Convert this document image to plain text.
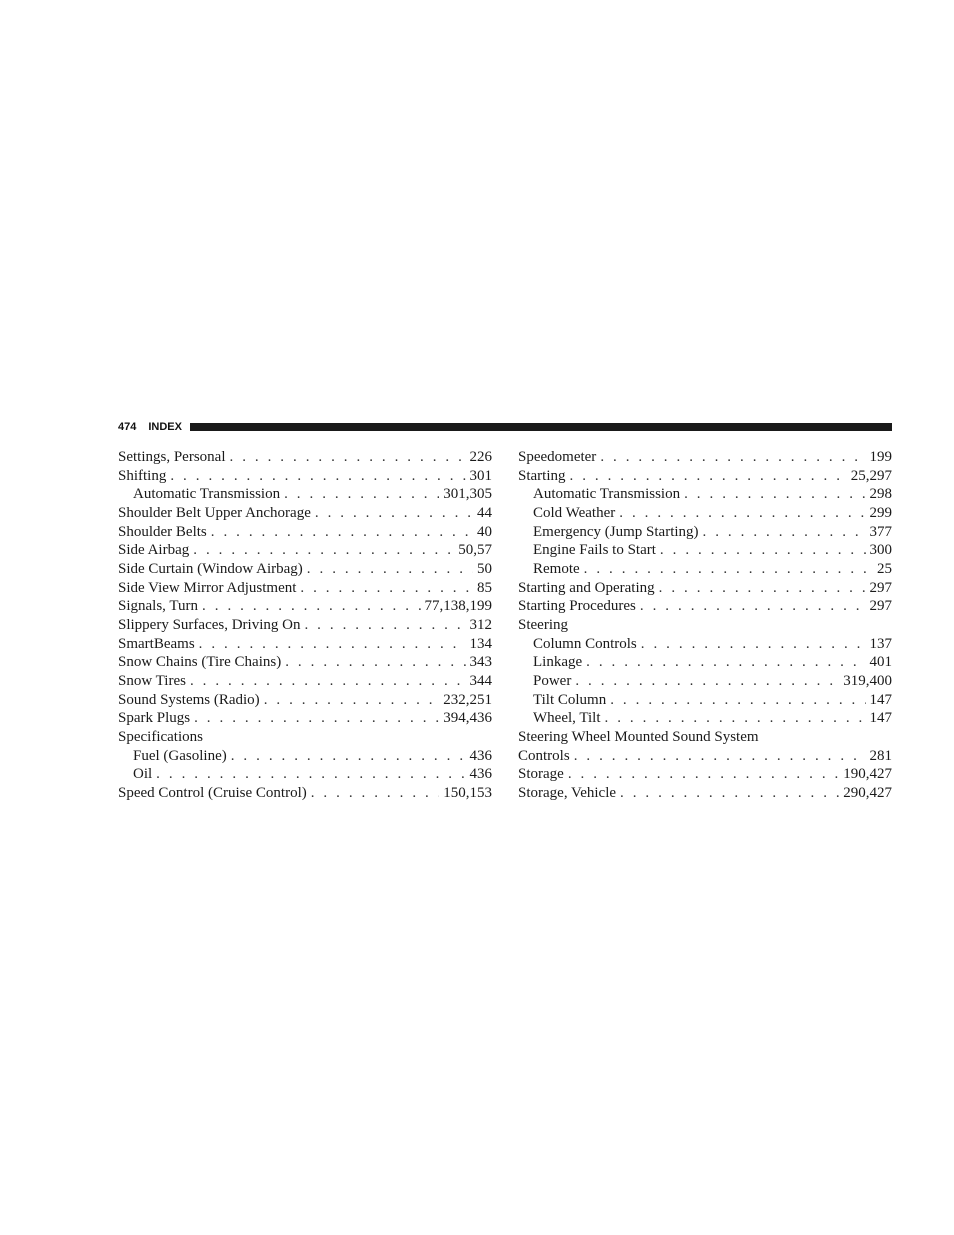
474 INDEX
Settings, Personal . . .	226
Shifting . . .	301
Automatic Transmission . . .	301,305
Shoulder Belt Upper Anchorage . . .	44
Shoulder Belts . . .	40
Side Airbag . . .	50,57
Side Curtain (Window Airbag) . . .	50
Side View Mirror Adjustment . . .	85
Signals, Turn . . .	77,138,199
Slippery Surfaces, Driving On . . .	312
SmartBeams . . .	134
Snow Chains (Tire Chains) . . .	343
Snow Tires . . .	344
Sound Systems (Radio) . . .	232,251
Spark Plugs . . .	394,436
Specifications
Fuel (Gasoline) . . .	436
Oil . . .	436
Speed Control (Cruise Control) . . .	150,153
Speedometer . . .	199
Starting . . .	25,297
Automatic Transmission . . .	298
Cold Weather . . .	299
Emergency (Jump Starting) . . .	377
Engine Fails to Start . . .	300
Remote . . .	25
Starting and Operating . . .	297
Starting Procedures . . .	297
Steering
Column Controls . . .	137
Linkage . . .	401
Power . . .	319,400
Tilt Column . . .	147
Wheel, Tilt . . .	147
Steering Wheel Mounted Sound System
Controls . . .	281
Storage . . .	190,427
Storage, Vehicle . . .	290,427
